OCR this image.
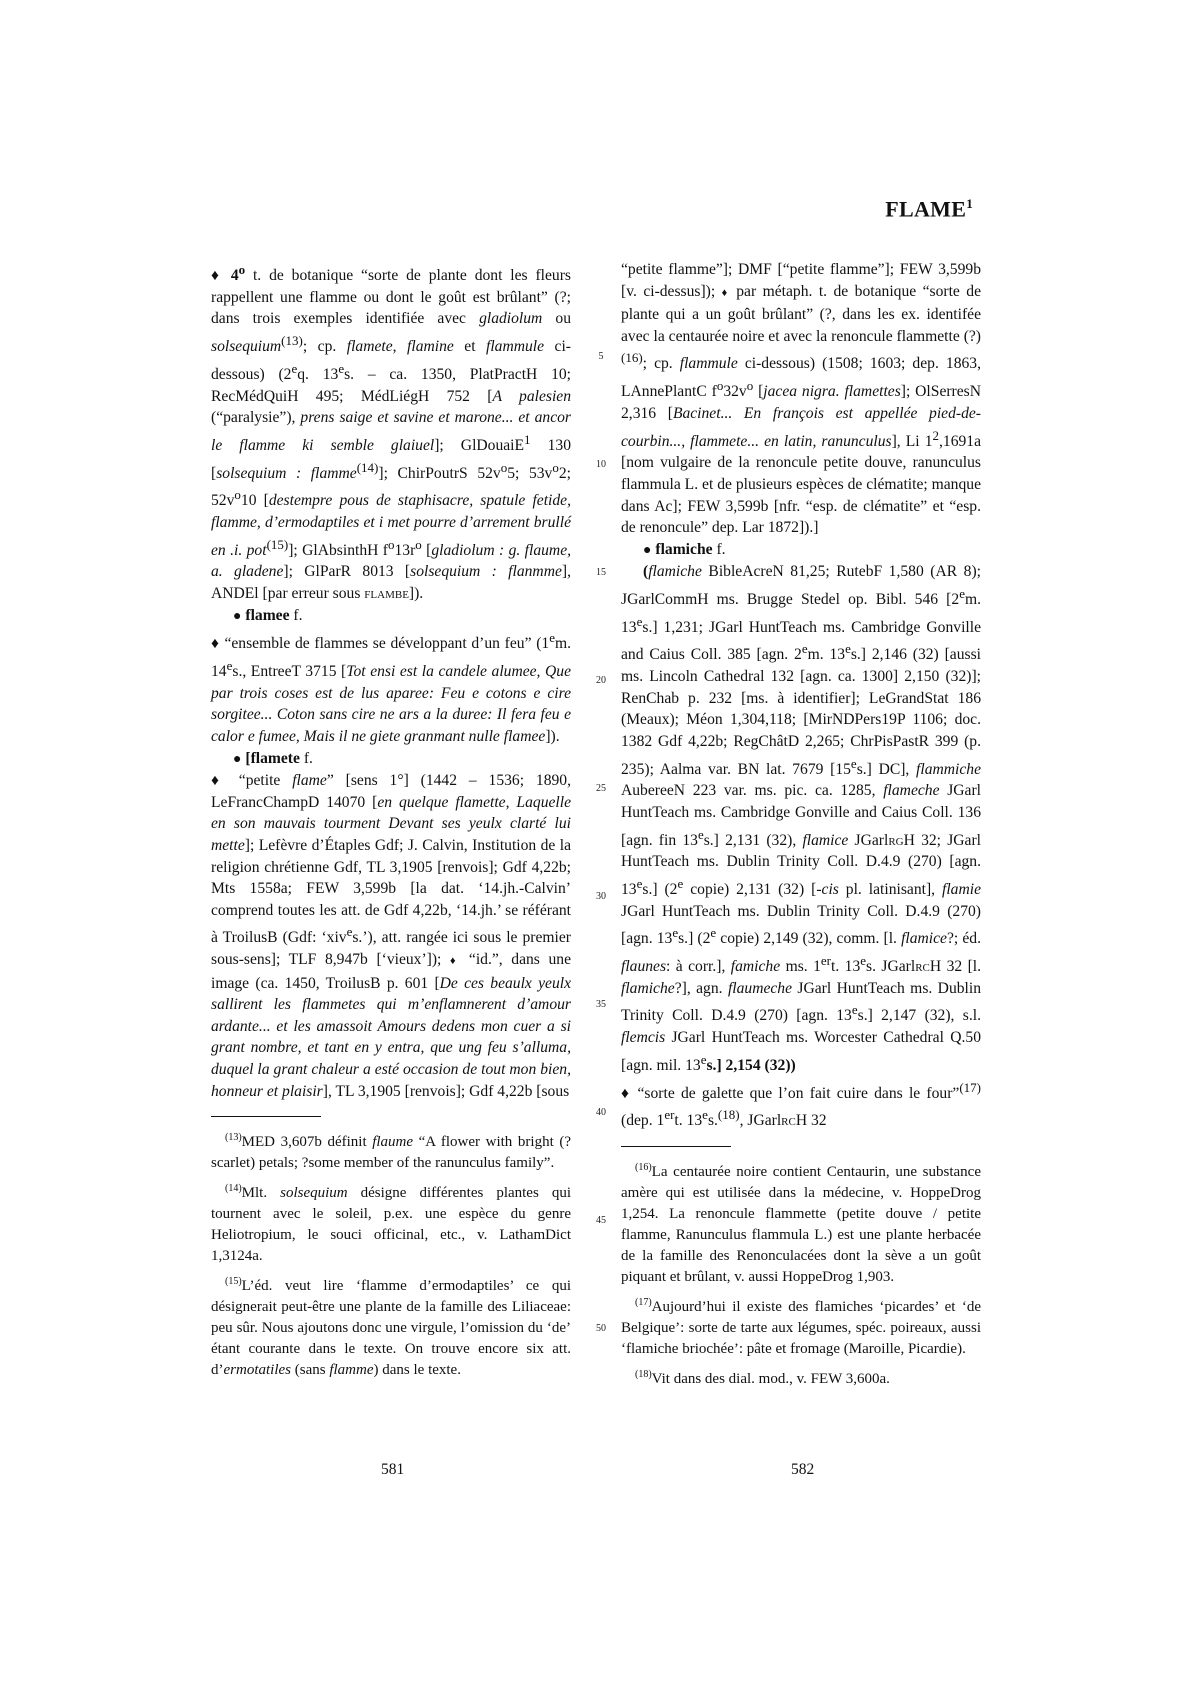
FLAME$^1$

♦ 4$^o$ t. de botanique “sorte de plante dont les fleurs rappellent une flamme ou dont le goût est brûlant” (?; dans trois exemples identifiée avec gladiolum ou solsequium$^{(13)}$; cp. flamete, flamine et flammule ci-dessous) (2eq. 13es. – ca. 1350, PlatPractH 10; RecMédQuiH 495; MédLiégH 752 [A palesien (“paralysie”), prens saige et savine et marone... et ancor le flamme ki semble glaiuel]; GlDouaiE$^1$ 130 [solsequium : flamme$^{(14)}$]; ChirPoutrS $52v^o5$; $53v^o2$; $52v^o10$ [destempre pous de staphisacre, spatule fetide, flamme, d’ermodaptiles et i met pourre d’arrement brullé en .i. pot$^{(15)}$]; GlAbsinthH $f^o13r^o$ [gladiolum : g. flaume, a. gladene]; GlParR 8013 [solsequium : flanmme], ANDEl [par erreur sous flambe]).

● flamee f.

♦ “ensemble de flammes se développant d’un feu” (1em. 14es., EntreeT 3715 [Tot ensi est la candele alumee, Que par trois coses est de lus aparee: Feu e cotons e cire sorgitee... Coton sans cire ne ars a la duree: Il fera feu e calor e fumee, Mais il ne giete granmant nulle flamee]).

● [flamete f.

♦ “petite flame” [sens 1°] (1442 – 1536; 1890, LeFrancChampD 14070 [en quelque flamette, Laquelle en son mauvais tourment Devant ses yeulx clarté lui mette]; Lefèvre d’Étaples Gdf; J. Calvin, Institution de la religion chrétienne Gdf, TL 3,1905 [renvois]; Gdf 4,22b; Mts 1558a; FEW 3,599b [la dat. ‘14.jh.-Calvin’ comprend toutes les att. de Gdf 4,22b, ‘14.jh.’ se référant à TroilusB (Gdf: ‘xiv$^e$s.’), att. rangée ici sous le premier sous-sens]; TLF 8,947b [‘vieux’]); ♦ “id.”, dans une image (ca. 1450, TroilusB p. 601 [De ces beaulx yeulx sallirent les flammetes qui m’enflamnerent d’amour ardante... et les amassoit Amours dedens mon cuer a si grant nombre, et tant en y entra, que ung feu s’alluma, duquel la grant chaleur a esté occasion de tout mon bien, honneur et plaisir], TL 3,1905 [renvois]; Gdf 4,22b [sous

$^{(13)}$MED 3,607b définit flaume “A flower with bright (?scarlet) petals; ?some member of the ranunculus family”.

$^{(14)}$Mlt. solsequium désigne différentes plantes qui tournent avec le soleil, p.ex. une espèce du genre Heliotropium, le souci officinal, etc., v. LathamDict 1,3124a.

$^{(15)}$L’éd. veut lire ‘flamme d’ermodaptiles’ ce qui désignerait peut-être une plante de la famille des Liliaceae: peu sûr. Nous ajoutons donc une virgule, l’omission du ‘de’ étant courante dans le texte. On trouve encore six att. d’ermotatiles (sans flamme) dans le texte.

5
10
15
20
25
30
35
40
45
50

“petite flamme”]; DMF [“petite flamme”]; FEW 3,599b [v. ci-dessus]); ♦ par métaph. t. de botanique “sorte de plante qui a un goût brûlant” (?, dans les ex. identifée avec la centaurée noire et avec la renoncule flammette (?)$^{(16)}$; cp. flammule ci-dessous) (1508; 1603; dep. 1863, LAnnePlantC $f^o32v^o$ [jacea nigra. flamettes]; OlSerresN 2,316 [Bacinet... En françois est appellée pied-de-courbin..., flammete... en latin, ranunculus], Li $1^2,1691a$ [nom vulgaire de la renoncule petite douve, ranunculus flammula L. et de plusieurs espèces de clématite; manque dans Ac]; FEW 3,599b [nfr. “esp. de clématite” et “esp. de renoncule” dep. Lar 1872]).]

● flamiche f.

(flamiche BibleAcreN 81,25; RutebF 1,580 (AR 8); JGarlCommH ms. Brugge Stedel op. Bibl. 546 [2em. 13es.] 1,231; JGarl HuntTeach ms. Cambridge Gonville and Caius Coll. 385 [agn. 2em. 13es.] 2,146 (32) [aussi ms. Lincoln Cathedral 132 [agn. ca. 1300] 2,150 (32)]; RenChab p. 232 [ms. à identifier]; LeGrandStat 186 (Meaux); Méon 1,304,118; [MirNDPers19P 1106; doc. 1382 Gdf 4,22b; RegChâtD 2,265; ChrPisPastR 399 (p. 235); Aalma var. BN lat. 7679 [15es.] DC], flammiche AubereeN 223 var. ms. pic. ca. 1285, flameche JGarl HuntTeach ms. Cambridge Gonville and Caius Coll. 136 [agn. fin 13es.] 2,131 (32), flamice JGarlrgH 32; JGarl HuntTeach ms. Dublin Trinity Coll. D.4.9 (270) [agn. 13es.] (2e copie) 2,131 (32) [-cis pl. latinisant], flamie JGarl HuntTeach ms. Dublin Trinity Coll. D.4.9 (270) [agn. 13es.] (2e copie) 2,149 (32), comm. [l. flamice?; éd. flaunes: à corr.], famiche ms. 1ert. 13es. JGarlrcH 32 [l. flamiche?], agn. flaumeche JGarl HuntTeach ms. Dublin Trinity Coll. D.4.9 (270) [agn. 13es.] 2,147 (32), s.l. flemcis JGarl HuntTeach ms. Worcester Cathedral Q.50 [agn. mil. 13es.] 2,154 (32))

♦ “sorte de galette que l’on fait cuire dans le four”$^{(17)}$ (dep. 1ert. 13es.$^{(18)}$, JGarlrcH 32

$^{(16)}$La centaurée noire contient Centaurin, une substance amère qui est utilisée dans la médecine, v. HoppeDrog 1,254. La renoncule flammette (petite douve / petite flamme, Ranunculus flammula L.) est une plante herbacée de la famille des Renonculacées dont la sève a un goût piquant et brûlant, v. aussi HoppeDrog 1,903.

$^{(17)}$Aujourd’hui il existe des flamiches ‘picardes’ et ‘de Belgique’: sorte de tarte aux légumes, spéc. poireaux, aussi ‘flamiche briochée’: pâte et fromage (Maroille, Picardie).

$^{(18)}$Vit dans des dial. mod., v. FEW 3,600a.

581	582
